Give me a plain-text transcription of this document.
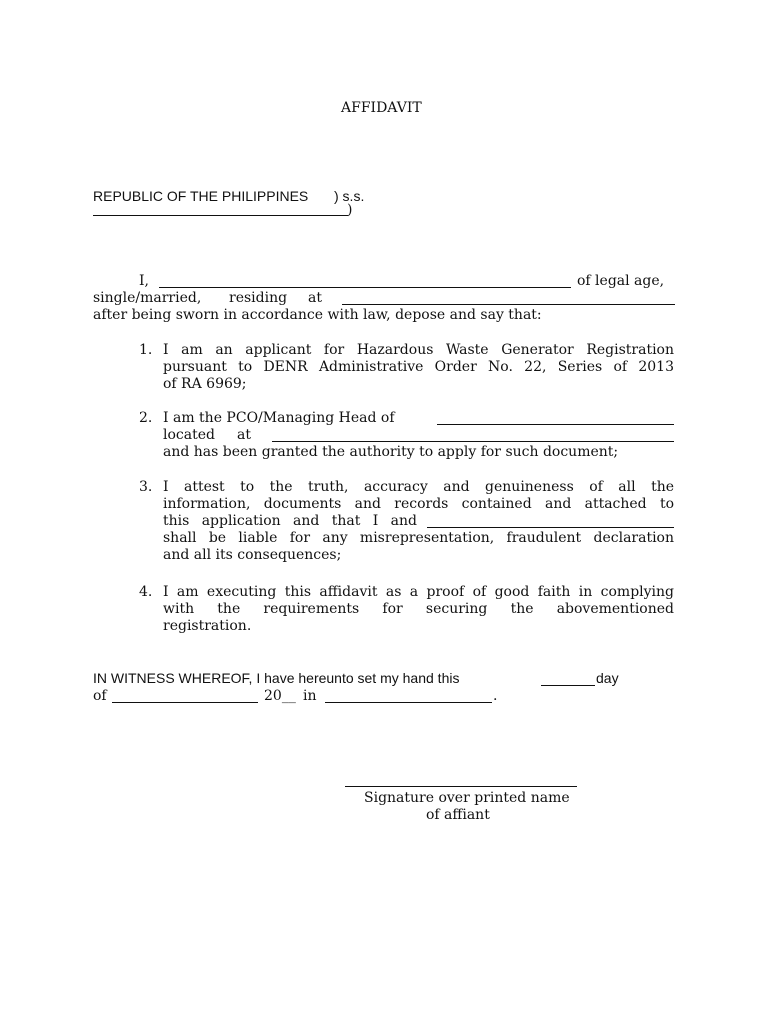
AFFIDAVIT
REPUBLIC OF THE PHILIPPINES ) s.s.
)
I,	of legal age,
single/married, residing at
after being sworn in accordance with law, depose and say that:
1. I am an applicant for Hazardous Waste Generator Registration
pursuant to DENR Administrative Order No. 22, Series of 2013
of RA 6969;
2. I am the PCO/Managing Head of
located at
and has been granted the authority to apply for such document;
3. I attest to the truth, accuracy and genuineness of all the
information, documents and records contained and attached to
this application and that I and
shall be liable for any misrepresentation, fraudulent declaration
and all its consequences;
4. I am executing this affidavit as a proof of good faith in complying
with the requirements for securing the abovementioned
registration.
IN WITNESS WHEREOF, I have hereunto set my hand this	day
of	20__ in	.
Signature over printed name
of affiant
